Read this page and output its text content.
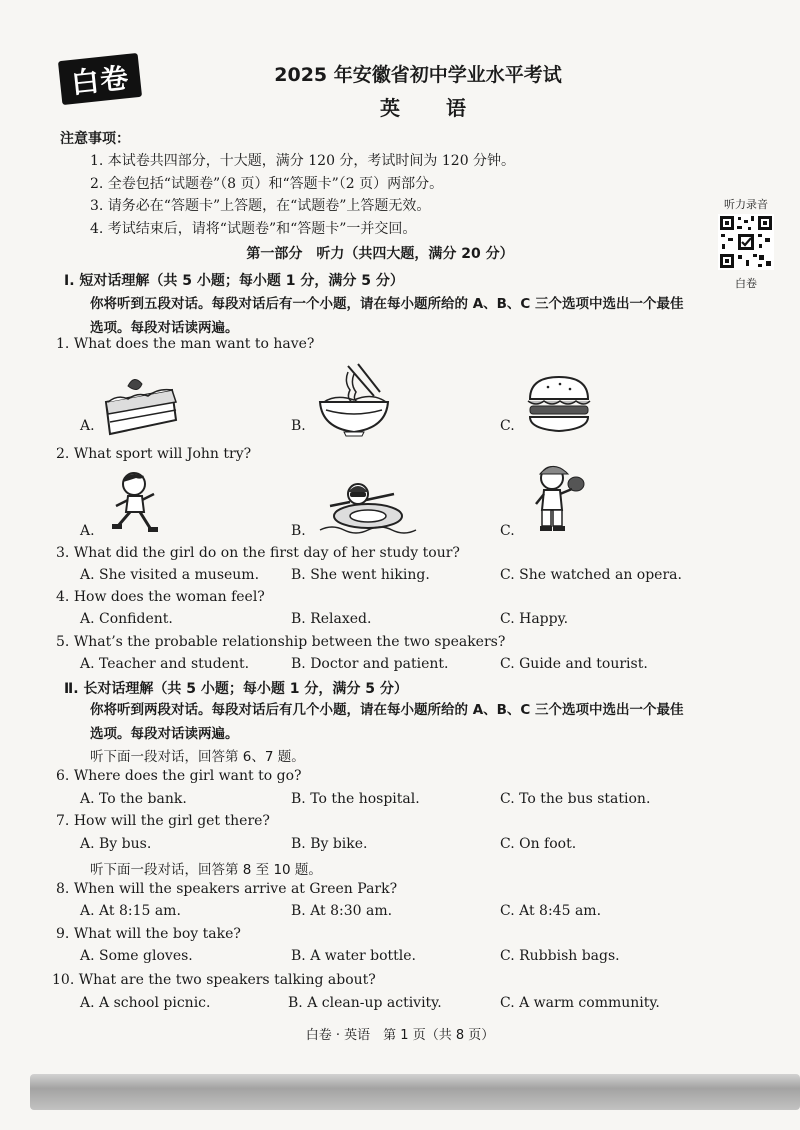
白卷	2025 年安徽省初中学业水平考试
英语
注意事项：
1. 本试卷共四部分，十大题，满分 120 分，考试时间为 120 分钟。
2. 全卷包括“试题卷”（8 页）和“答题卡”（2 页）两部分。
3. 请务必在“答题卡”上答题，在“试题卷”上答题无效。
4. 考试结束后，请将“试题卷”和“答题卡”一并交回。
听力录音
白卷
第一部分　听力（共四大题，满分 20 分）
Ⅰ. 短对话理解（共 5 小题；每小题 1 分，满分 5 分）
你将听到五段对话。每段对话后有一个小题，请在每小题所给的 A、B、C 三个选项中选出一个最佳
选项。每段对话读两遍。
1. What does the man want to have?
A.	B.	C.
2. What sport will John try?
A.	B.	C.
3. What did the girl do on the first day of her study tour?
A. She visited a museum. B. She went hiking.	C. She watched an opera.
4. How does the woman feel?
A. Confident.	B. Relaxed.	C. Happy.
5. What’s the probable relationship between the two speakers?
A. Teacher and student.	B. Doctor and patient.	C. Guide and tourist.
Ⅱ. 长对话理解（共 5 小题；每小题 1 分，满分 5 分）
你将听到两段对话。每段对话后有几个小题，请在每小题所给的 A、B、C 三个选项中选出一个最佳
选项。每段对话读两遍。
听下面一段对话，回答第 6、7 题。
6. Where does the girl want to go?
A. To the bank.	B. To the hospital.	C. To the bus station.
7. How will the girl get there?
A. By bus.	B. By bike.	C. On foot.
听下面一段对话，回答第 8 至 10 题。
8. When will the speakers arrive at Green Park?
A. At 8:15 am.	B. At 8:30 am.	C. At 8:45 am.
9. What will the boy take?
A. Some gloves.	B. A water bottle.	C. Rubbish bags.
10. What are the two speakers talking about?
A. A school picnic.	B. A clean-up activity.	C. A warm community.
白卷 · 英语　第 1 页（共 8 页）
